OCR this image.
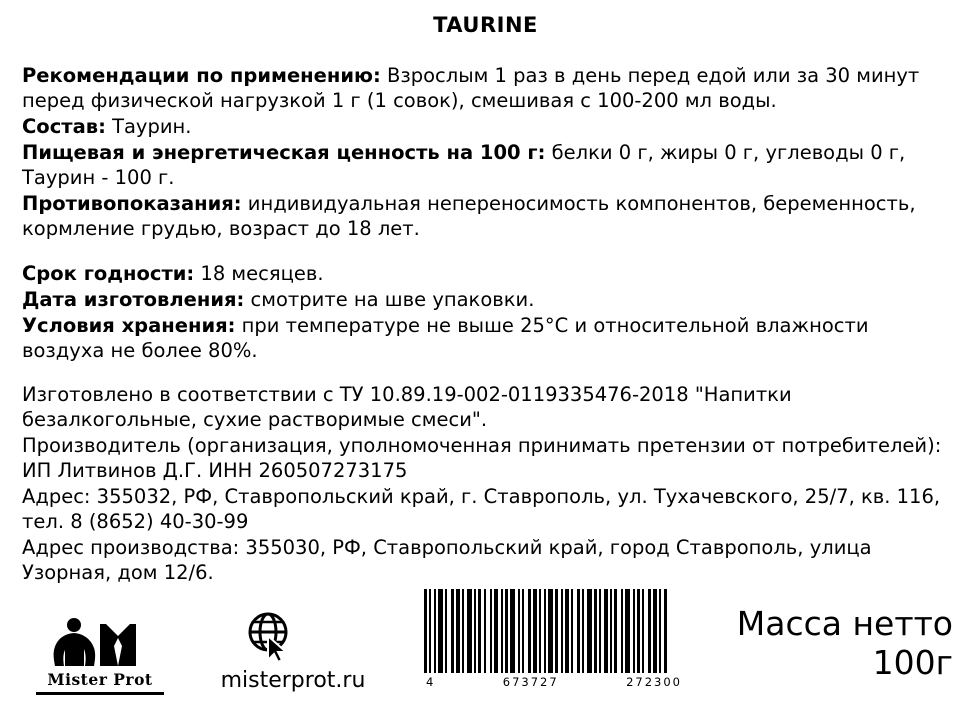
TAURINE

Рекомендации по применению: Взрослым 1 раз в день перед едой или за 30 минут перед физической нагрузкой 1 г (1 совок), смешивая с 100-200 мл воды.

Состав: Таурин.

Пищевая и энергетическая ценность на 100 г: белки 0 г, жиры 0 г, углеводы 0 г, Таурин - 100 г.

Противопоказания: индивидуальная непереносимость компонентов, беременность, кормление грудью, возраст до 18 лет.

Срок годности: 18 месяцев.

Дата изготовления: смотрите на шве упаковки.

Условия хранения: при температуре не выше 25°С и относительной влажности воздуха не более 80%.

Изготовлено в соответствии с ТУ 10.89.19-002-0119335476-2018 "Напитки безалкогольные, сухие растворимые смеси".

Производитель (организация, уполномоченная принимать претензии от потребителей): ИП Литвинов Д.Г. ИНН 260507273175

Адрес: 355032, РФ, Ставропольский край, г. Ставрополь, ул. Тухачевского, 25/7, кв. 116, тел. 8 (8652) 40-30-99

Адрес производства: 355030, РФ, Ставропольский край, город Ставрополь, улица Узорная, дом 12/6.

Mister Prot	misterprot.ru	4	673727	272300
Масса нетто
100г
